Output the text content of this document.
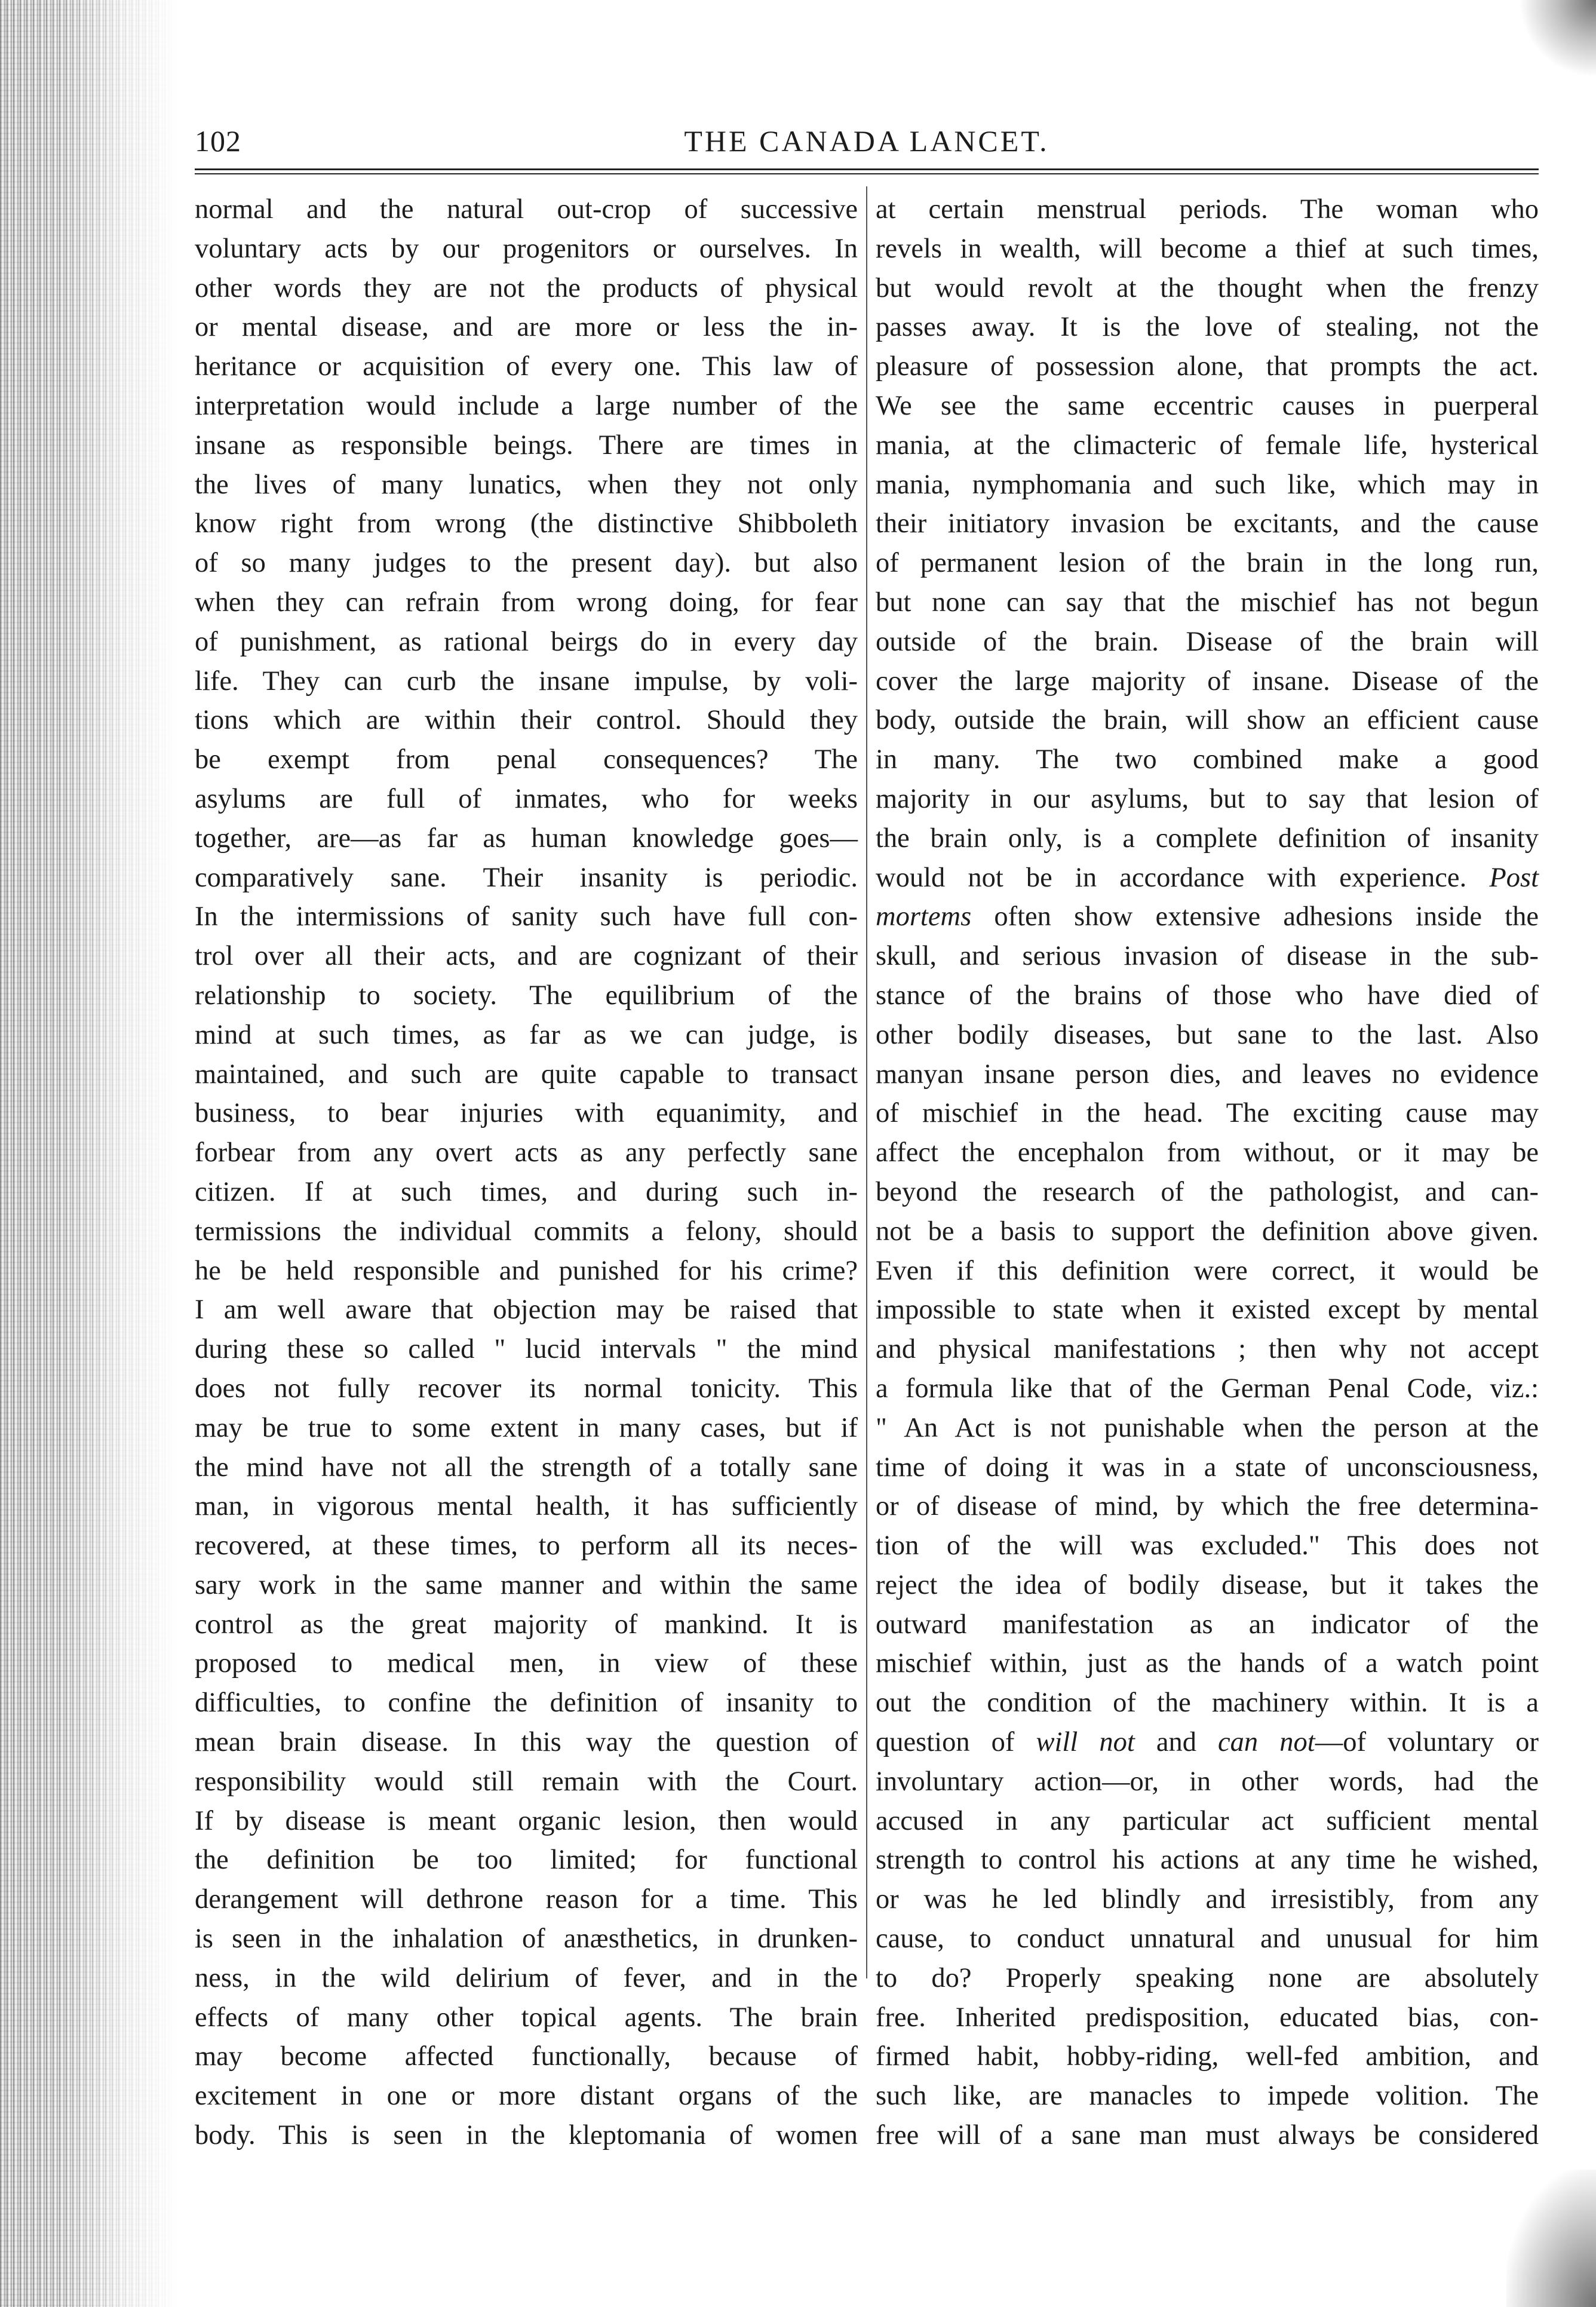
102	THE CANADA LANCET.
normal and the natural out-crop of successive
voluntary acts by our progenitors or ourselves. In
other words they are not the products of physical
or mental disease, and are more or less the in-
heritance or acquisition of every one. This law of
interpretation would include a large number of the
insane as responsible beings. There are times in
the lives of many lunatics, when they not only
know right from wrong (the distinctive Shibboleth
of so many judges to the present day). but also
when they can refrain from wrong doing, for fear
of punishment, as rational beirgs do in every day
life. They can curb the insane impulse, by voli-
tions which are within their control. Should they
be exempt from penal consequences? The
asylums are full of inmates, who for weeks
together, are—as far as human knowledge goes—
comparatively sane. Their insanity is periodic.
In the intermissions of sanity such have full con-
trol over all their acts, and are cognizant of their
relationship to society. The equilibrium of the
mind at such times, as far as we can judge, is
maintained, and such are quite capable to transact
business, to bear injuries with equanimity, and
forbear from any overt acts as any perfectly sane
citizen. If at such times, and during such in-
termissions the individual commits a felony, should
he be held responsible and punished for his crime?
I am well aware that objection may be raised that
during these so called " lucid intervals " the mind
does not fully recover its normal tonicity. This
may be true to some extent in many cases, but if
the mind have not all the strength of a totally sane
man, in vigorous mental health, it has sufficiently
recovered, at these times, to perform all its neces-
sary work in the same manner and within the same
control as the great majority of mankind. It is
proposed to medical men, in view of these
difficulties, to confine the definition of insanity to
mean brain disease. In this way the question of
responsibility would still remain with the Court.
If by disease is meant organic lesion, then would
the definition be too limited; for functional
derangement will dethrone reason for a time. This
is seen in the inhalation of anæsthetics, in drunken-
ness, in the wild delirium of fever, and in the
effects of many other topical agents. The brain
may become affected functionally, because of
excitement in one or more distant organs of the
body. This is seen in the kleptomania of women
at certain menstrual periods. The woman who
revels in wealth, will become a thief at such times,
but would revolt at the thought when the frenzy
passes away. It is the love of stealing, not the
pleasure of possession alone, that prompts the act.
We see the same eccentric causes in puerperal
mania, at the climacteric of female life, hysterical
mania, nymphomania and such like, which may in
their initiatory invasion be excitants, and the cause
of permanent lesion of the brain in the long run,
but none can say that the mischief has not begun
outside of the brain. Disease of the brain will
cover the large majority of insane. Disease of the
body, outside the brain, will show an efficient cause
in many. The two combined make a good
majority in our asylums, but to say that lesion of
the brain only, is a complete definition of insanity
would not be in accordance with experience. Post
mortems often show extensive adhesions inside the
skull, and serious invasion of disease in the sub-
stance of the brains of those who have died of
other bodily diseases, but sane to the last. Also
manyan insane person dies, and leaves no evidence
of mischief in the head. The exciting cause may
affect the encephalon from without, or it may be
beyond the research of the pathologist, and can-
not be a basis to support the definition above given.
Even if this definition were correct, it would be
impossible to state when it existed except by mental
and physical manifestations ; then why not accept
a formula like that of the German Penal Code, viz.:
" An Act is not punishable when the person at the
time of doing it was in a state of unconsciousness,
or of disease of mind, by which the free determina-
tion of the will was excluded." This does not
reject the idea of bodily disease, but it takes the
outward manifestation as an indicator of the
mischief within, just as the hands of a watch point
out the condition of the machinery within. It is a
question of will not and can not—of voluntary or
involuntary action—or, in other words, had the
accused in any particular act sufficient mental
strength to control his actions at any time he wished,
or was he led blindly and irresistibly, from any
cause, to conduct unnatural and unusual for him
to do? Properly speaking none are absolutely
free. Inherited predisposition, educated bias, con-
firmed habit, hobby-riding, well-fed ambition, and
such like, are manacles to impede volition. The
free will of a sane man must always be considered
